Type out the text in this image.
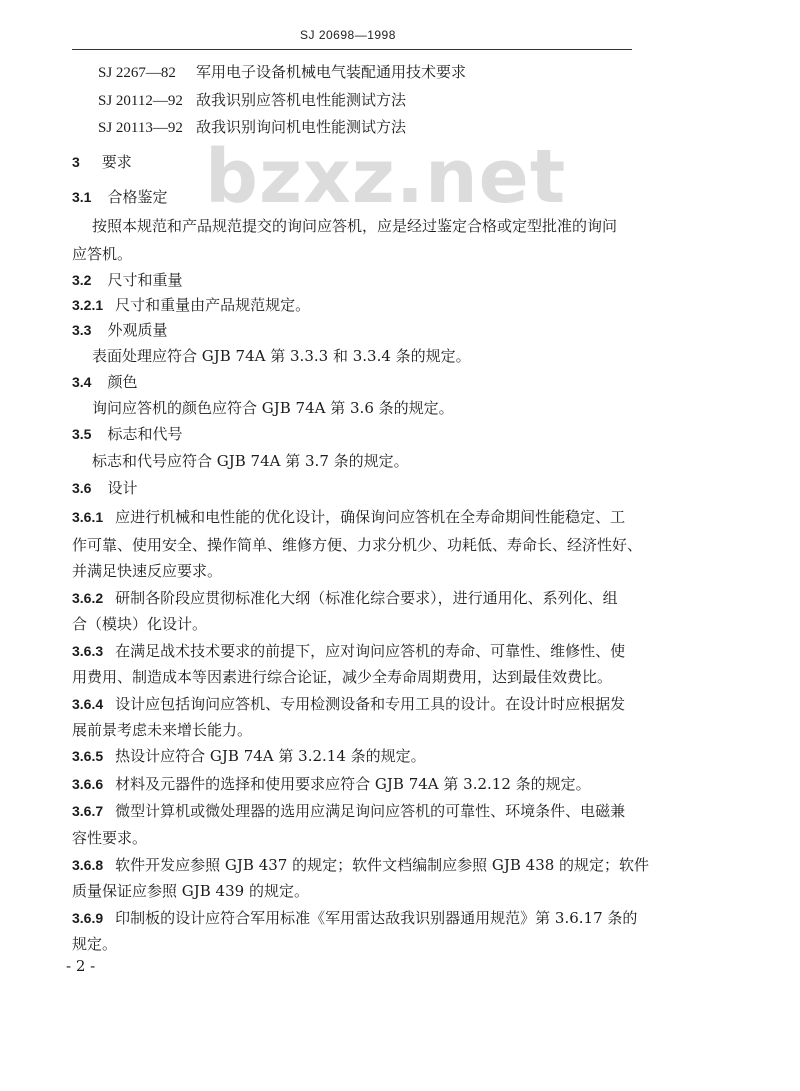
SJ 20698—1998
bzxz.net
SJ 2267—82 军用电子设备机械电气装配通用技术要求
SJ 20112—92 敌我识别应答机电性能测试方法
SJ 20113—92 敌我识别询问机电性能测试方法
3 要求
3.1 合格鉴定
按照本规范和产品规范提交的询问应答机，应是经过鉴定合格或定型批准的询问
应答机。
3.2 尺寸和重量
3.2.1 尺寸和重量由产品规范规定。
3.3 外观质量
表面处理应符合 GJB 74A 第 3.3.3 和 3.3.4 条的规定。
3.4 颜色
询问应答机的颜色应符合 GJB 74A 第 3.6 条的规定。
3.5 标志和代号
标志和代号应符合 GJB 74A 第 3.7 条的规定。
3.6 设计
3.6.1 应进行机械和电性能的优化设计，确保询问应答机在全寿命期间性能稳定、工
作可靠、使用安全、操作简单、维修方便、力求分机少、功耗低、寿命长、经济性好、
并满足快速反应要求。
3.6.2 研制各阶段应贯彻标准化大纲（标准化综合要求），进行通用化、系列化、组
合（模块）化设计。
3.6.3 在满足战术技术要求的前提下，应对询问应答机的寿命、可靠性、维修性、使
用费用、制造成本等因素进行综合论证，减少全寿命周期费用，达到最佳效费比。
3.6.4 设计应包括询问应答机、专用检测设备和专用工具的设计。在设计时应根据发
展前景考虑未来增长能力。
3.6.5 热设计应符合 GJB 74A 第 3.2.14 条的规定。
3.6.6 材料及元器件的选择和使用要求应符合 GJB 74A 第 3.2.12 条的规定。
3.6.7 微型计算机或微处理器的选用应满足询问应答机的可靠性、环境条件、电磁兼
容性要求。
3.6.8 软件开发应参照 GJB 437 的规定；软件文档编制应参照 GJB 438 的规定；软件
质量保证应参照 GJB 439 的规定。
3.6.9 印制板的设计应符合军用标准《军用雷达敌我识别器通用规范》第 3.6.17 条的
规定。
- 2 -
